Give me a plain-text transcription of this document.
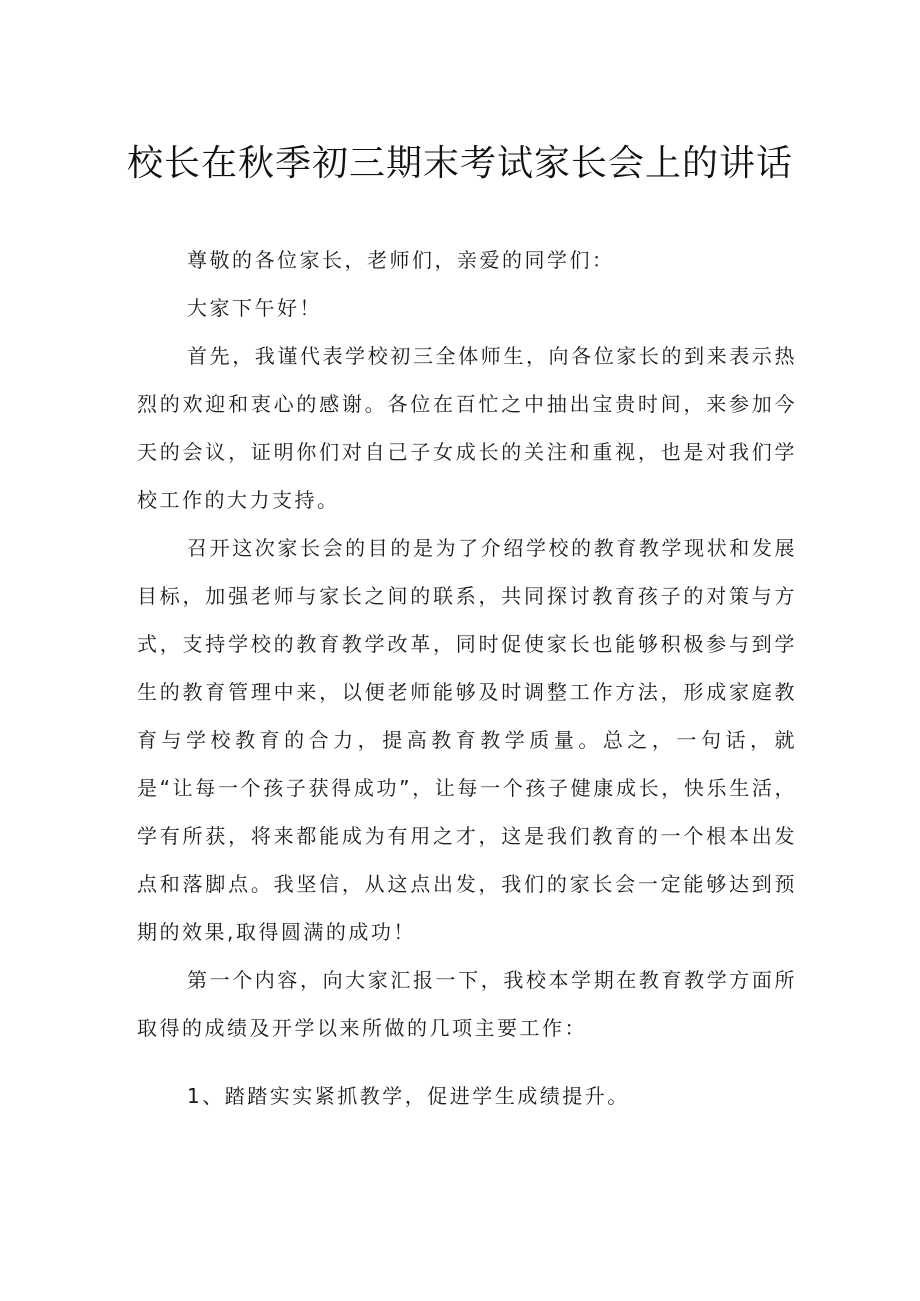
校长在秋季初三期末考试家长会上的讲话

尊敬的各位家长，老师们，亲爱的同学们：

大家下午好！

首先，我谨代表学校初三全体师生，向各位家长的到来表示热烈的欢迎和衷心的感谢。各位在百忙之中抽出宝贵时间，来参加今天的会议，证明你们对自己子女成长的关注和重视，也是对我们学校工作的大力支持。

召开这次家长会的目的是为了介绍学校的教育教学现状和发展目标，加强老师与家长之间的联系，共同探讨教育孩子的对策与方式，支持学校的教育教学改革，同时促使家长也能够积极参与到学生的教育管理中来，以便老师能够及时调整工作方法，形成家庭教育与学校教育的合力，提高教育教学质量。总之，一句话，就是“让每一个孩子获得成功”，让每一个孩子健康成长，快乐生活，学有所获，将来都能成为有用之才，这是我们教育的一个根本出发点和落脚点。我坚信，从这点出发，我们的家长会一定能够达到预期的效果,取得圆满的成功！

第一个内容，向大家汇报一下，我校本学期在教育教学方面所取得的成绩及开学以来所做的几项主要工作：

1、踏踏实实紧抓教学，促进学生成绩提升。
